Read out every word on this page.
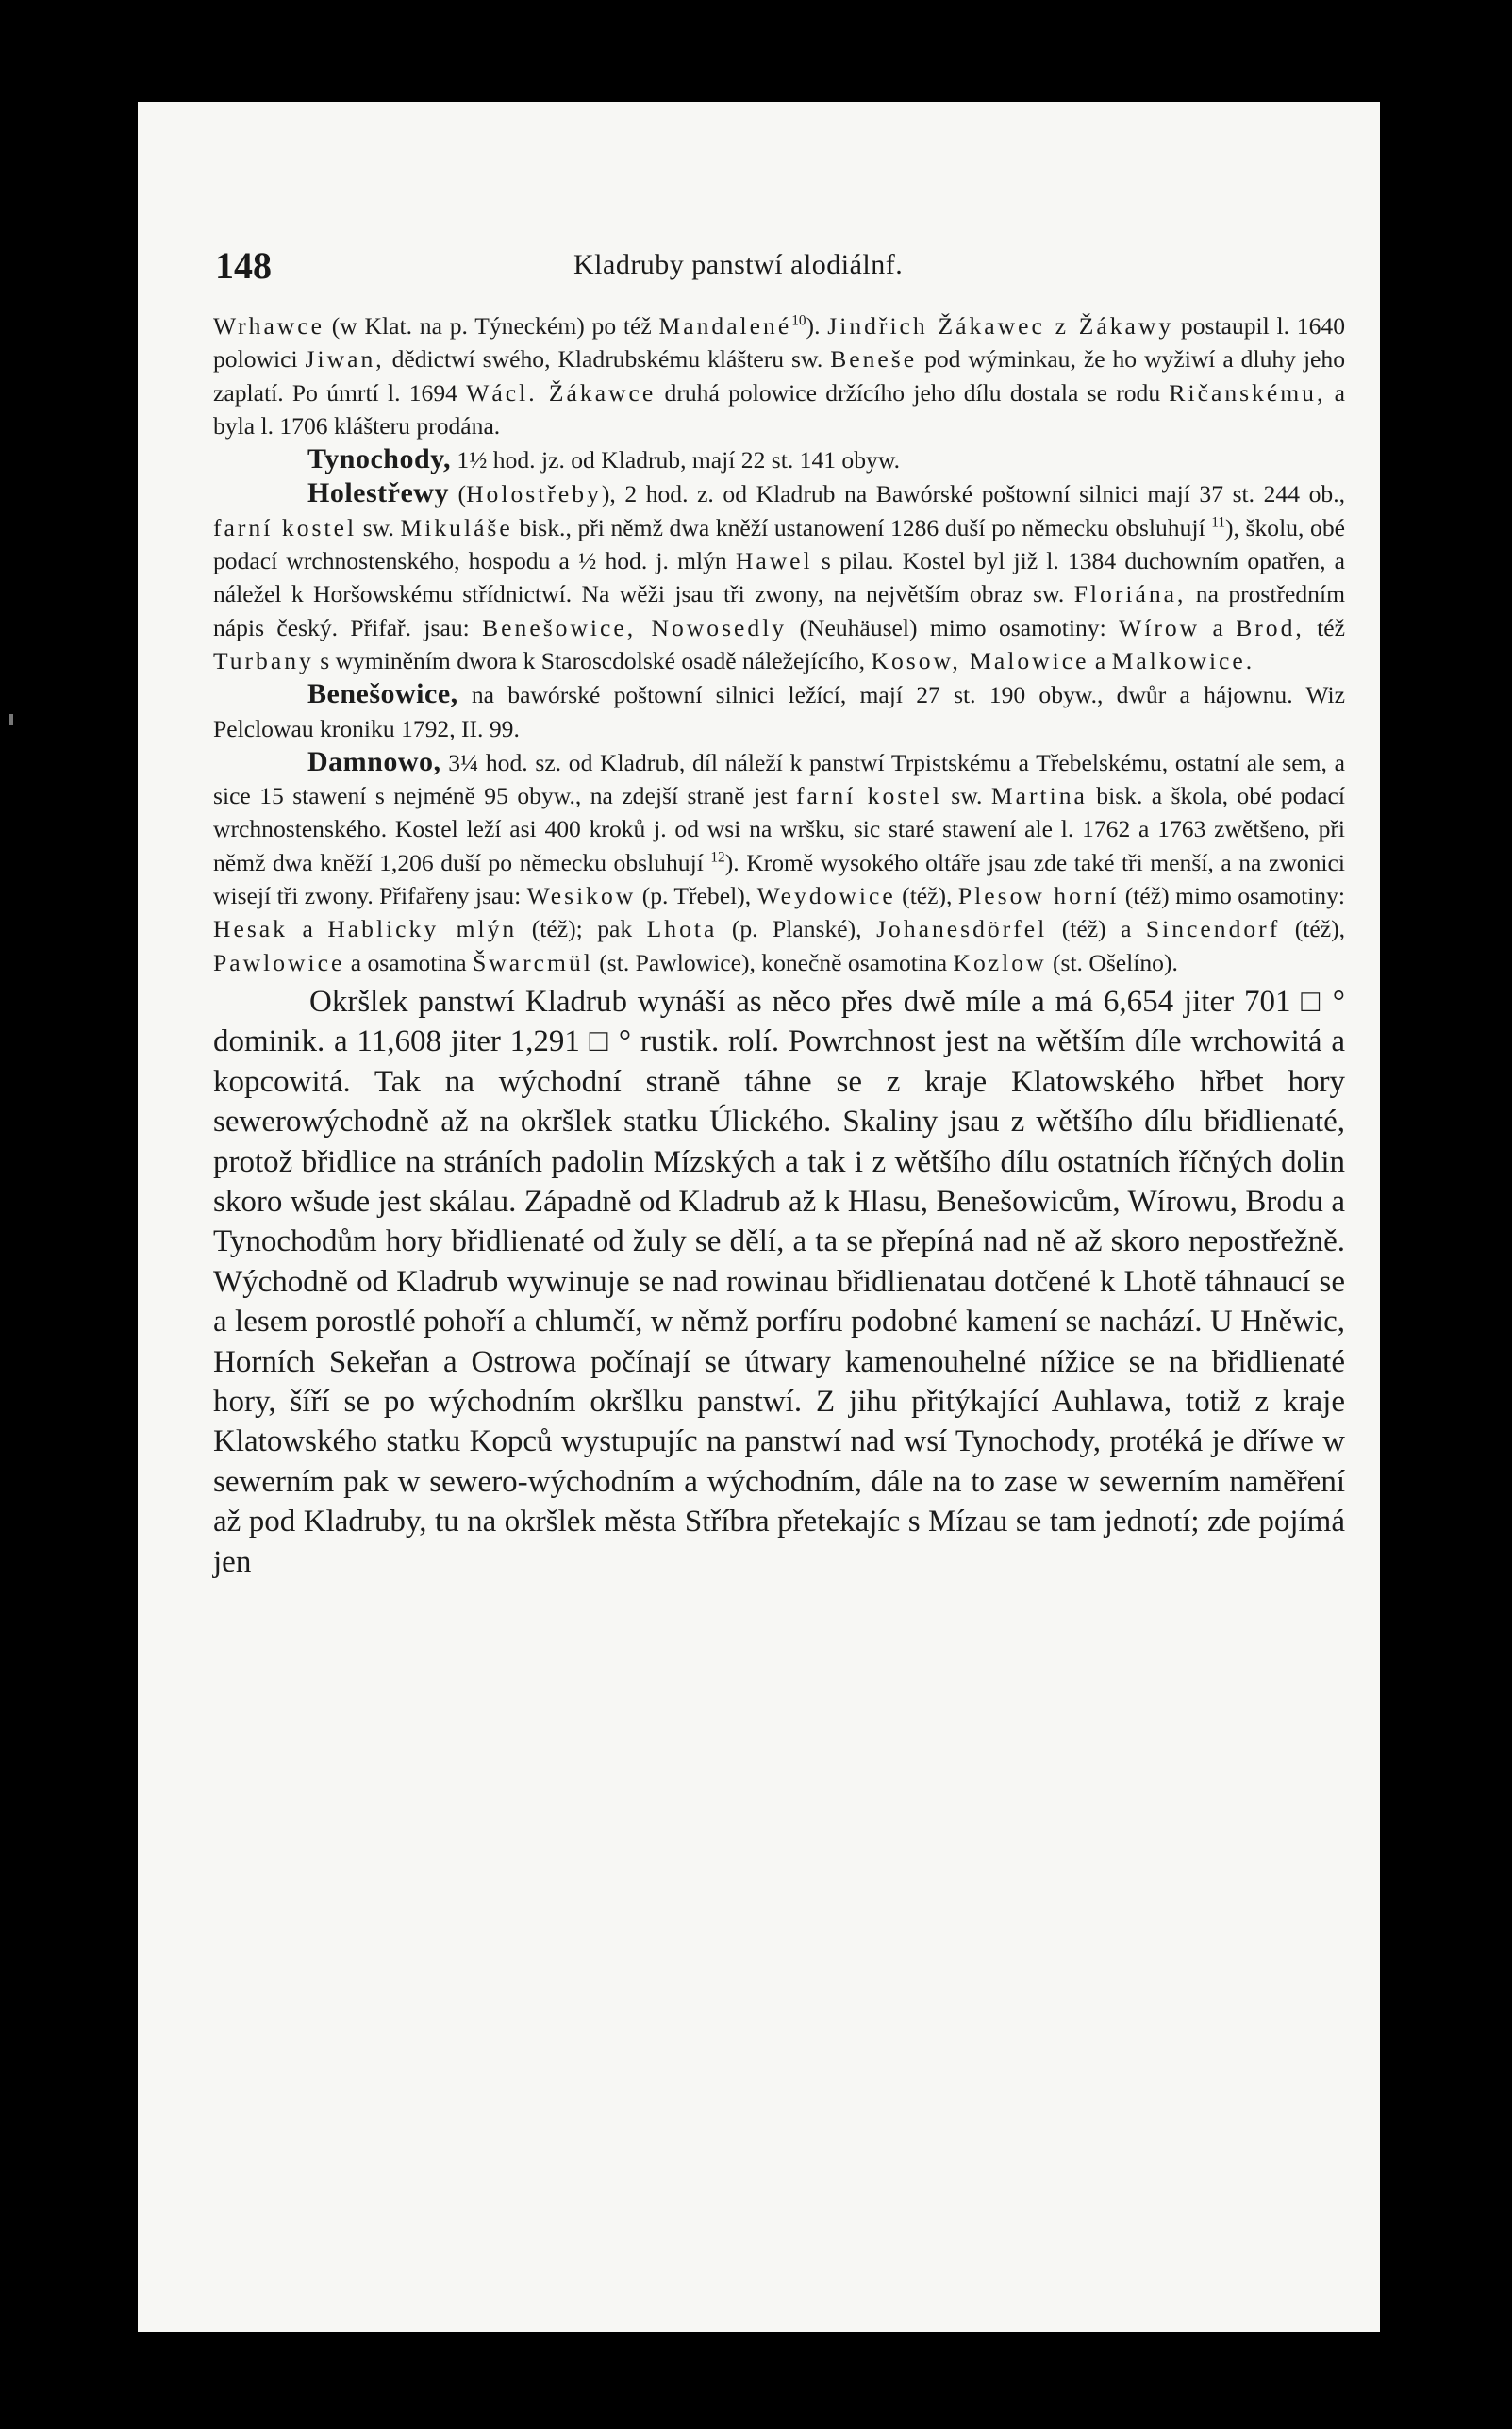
148	Kladruby panstwí alodiálnf.

Wrhawce (w Klat. na p. Týneckém) po též Mandalené$^{10}$). Jindřich Žákawec z Žákawy postaupil l. 1640 polowici Jiwan, dědictwí swého, Kladrubskému klášteru sw. Beneše pod wýminkau, že ho wyžiwí a dluhy jeho zaplatí. Po úmrtí l. 1694 Wácl. Žákawce druhá polowice držícího jeho dílu dostala se rodu Ričanskému, a byla l. 1706 klášteru prodána.

Tynochody, 1½ hod. jz. od Kladrub, mají 22 st. 141 obyw.

Holestřewy (Holostřeby), 2 hod. z. od Kladrub na Bawórské poštowní silnici mají 37 st. 244 ob., farní kostel sw. Mikuláše bisk., při němž dwa kněží ustanowení 1286 duší po německu obsluhují $^{11}$), školu, obé podací wrchnostenského, hospodu a ½ hod. j. mlýn Hawel s pilau. Kostel byl již l. 1384 duchowním opatřen, a náležel k Horšowskému střídnictwí. Na wěži jsau tři zwony, na největším obraz sw. Floriána, na prostředním nápis český. Přifař. jsau: Benešowice, Nowosedly (Neuhäusel) mimo osamotiny: Wírow a Brod, též Turbany s wyminěním dwora k Staroscdolské osadě náležejícího, Kosow, Malowice a Malkowice.

Benešowice, na bawórské poštowní silnici ležící, mají 27 st. 190 obyw., dwůr a hájownu. Wiz Pelclowau kroniku 1792, II. 99.

Damnowo, 3¼ hod. sz. od Kladrub, díl náleží k panstwí Trpistskému a Třebelskému, ostatní ale sem, a sice 15 stawení s nejméně 95 obyw., na zdejší straně jest farní kostel sw. Martina bisk. a škola, obé podací wrchnostenského. Kostel leží asi 400 kroků j. od wsi na wršku, sic staré stawení ale l. 1762 a 1763 zwětšeno, při němž dwa kněží 1,206 duší po německu obsluhují $^{12}$). Kromě wysokého oltáře jsau zde také tři menší, a na zwonici wisejí tři zwony. Přifařeny jsau: Wesikow (p. Třebel), Weydowice (též), Plesow horní (též) mimo osamotiny: Hesak a Hablicky mlýn (též); pak Lhota (p. Planské), Johanesdörfel (též) a Sincendorf (též), Pawlowice a osamotina Šwarcmül (st. Pawlowice), konečně osamotina Kozlow (st. Ošelíno).

Okršlek panstwí Kladrub wynáší as něco přes dwě míle a má 6,654 jiter 701 □ ° dominik. a 11,608 jiter 1,291 □ ° rustik. rolí. Powrchnost jest na wětším díle wrchowitá a kopcowitá. Tak na wýchodní straně táhne se z kraje Klatowského hřbet hory sewerowýchodně až na okršlek statku Úlického. Skaliny jsau z wětšího dílu břidlienaté, protož břidlice na stráních padolin Mízských a tak i z wětšího dílu ostatních říčných dolin skoro wšude jest skálau. Západně od Kladrub až k Hlasu, Benešowicům, Wírowu, Brodu a Tynochodům hory břidlienaté od žuly se dělí, a ta se přepíná nad ně až skoro nepostřežně. Wýchodně od Kladrub wywinuje se nad rowinau břidlienatau dotčené k Lhotě táhnaucí se a lesem porostlé pohoří a chlumčí, w němž porfíru podobné kamení se nachází. U Hněwic, Horních Sekeřan a Ostrowa počínají se útwary kamenouhelné nížice se na břidlienaté hory, šíří se po wýchodním okršlku panstwí. Z jihu přitýkající Auhlawa, totiž z kraje Klatowského statku Kopců wystupujíc na panstwí nad wsí Tynochody, protéká je dříwe w sewerním pak w sewero-wýchodním a wýchodním, dále na to zase w sewerním naměření až pod Kladruby, tu na okršlek města Stříbra přetekajíc s Mízau se tam jednotí; zde pojímá jen
